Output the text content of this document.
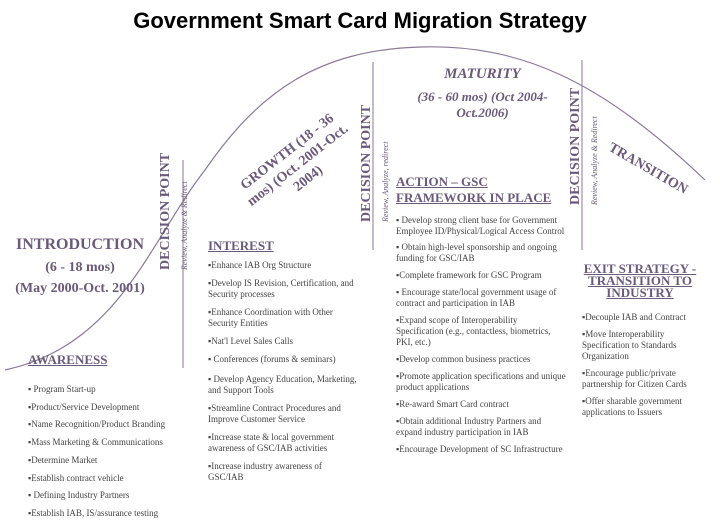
Government Smart Card Migration Strategy
INTRODUCTION
(6 - 18 mos)
(May 2000-Oct. 2001)
GROWTH (18 - 36 mos) (Oct. 2001-Oct. 2004)
MATURITY
(36 - 60 mos) (Oct 2004-Oct.2006)
TRANSITION
DECISION POINT Review, Analyze & Redirect
DECISION POINT Review, Analyze, redirect	DECISION POINT Review, Analyze & Redirect
AWARENESS
▪ Program Start-up
▪Product/Service Development
▪Name Recognition/Product Branding
▪Mass Marketing & Communications
▪Determine Market
▪Establish contract vehicle
▪ Defining Industry Partners
▪Establish IAB, IS/assurance testing
INTEREST
▪Enhance IAB Org Structure
▪Develop IS Revision, Certification, and Security processes
▪Enhance Coordination with Other Security Entities
▪Nat'l Level Sales Calls
▪ Conferences (forums & seminars)
▪ Develop Agency Education, Marketing, and Support Tools
▪Streamline Contract Procedures and Improve Customer Service
▪Increase state & local government awareness of GSC/IAB activities
▪Increase industry awareness of GSC/IAB
ACTION – GSC FRAMEWORK IN PLACE
▪ Develop strong client base for Government Employee ID/Physical/Logical Access Control
▪ Obtain high-level sponsorship and ongoing funding for GSC/IAB
▪Complete framework for GSC Program
▪ Encourage state/local government usage of contract and participation in IAB
▪Expand scope of Interoperability Specification (e.g., contactless, biometrics, PKI, etc.)
▪Develop common business practices
▪Promote application specifications and unique product applications
▪Re-award Smart Card contract
▪Obtain additional Industry Partners and expand industry participation in IAB
▪Encourage Development of SC Infrastructure
EXIT STRATEGY - TRANSITION TO INDUSTRY
▪Decouple IAB and Contract
▪Move Interoperability Specification to Standards Organization
▪Encourage public/private partnership for Citizen Cards
▪Offer sharable government applications to Issuers
